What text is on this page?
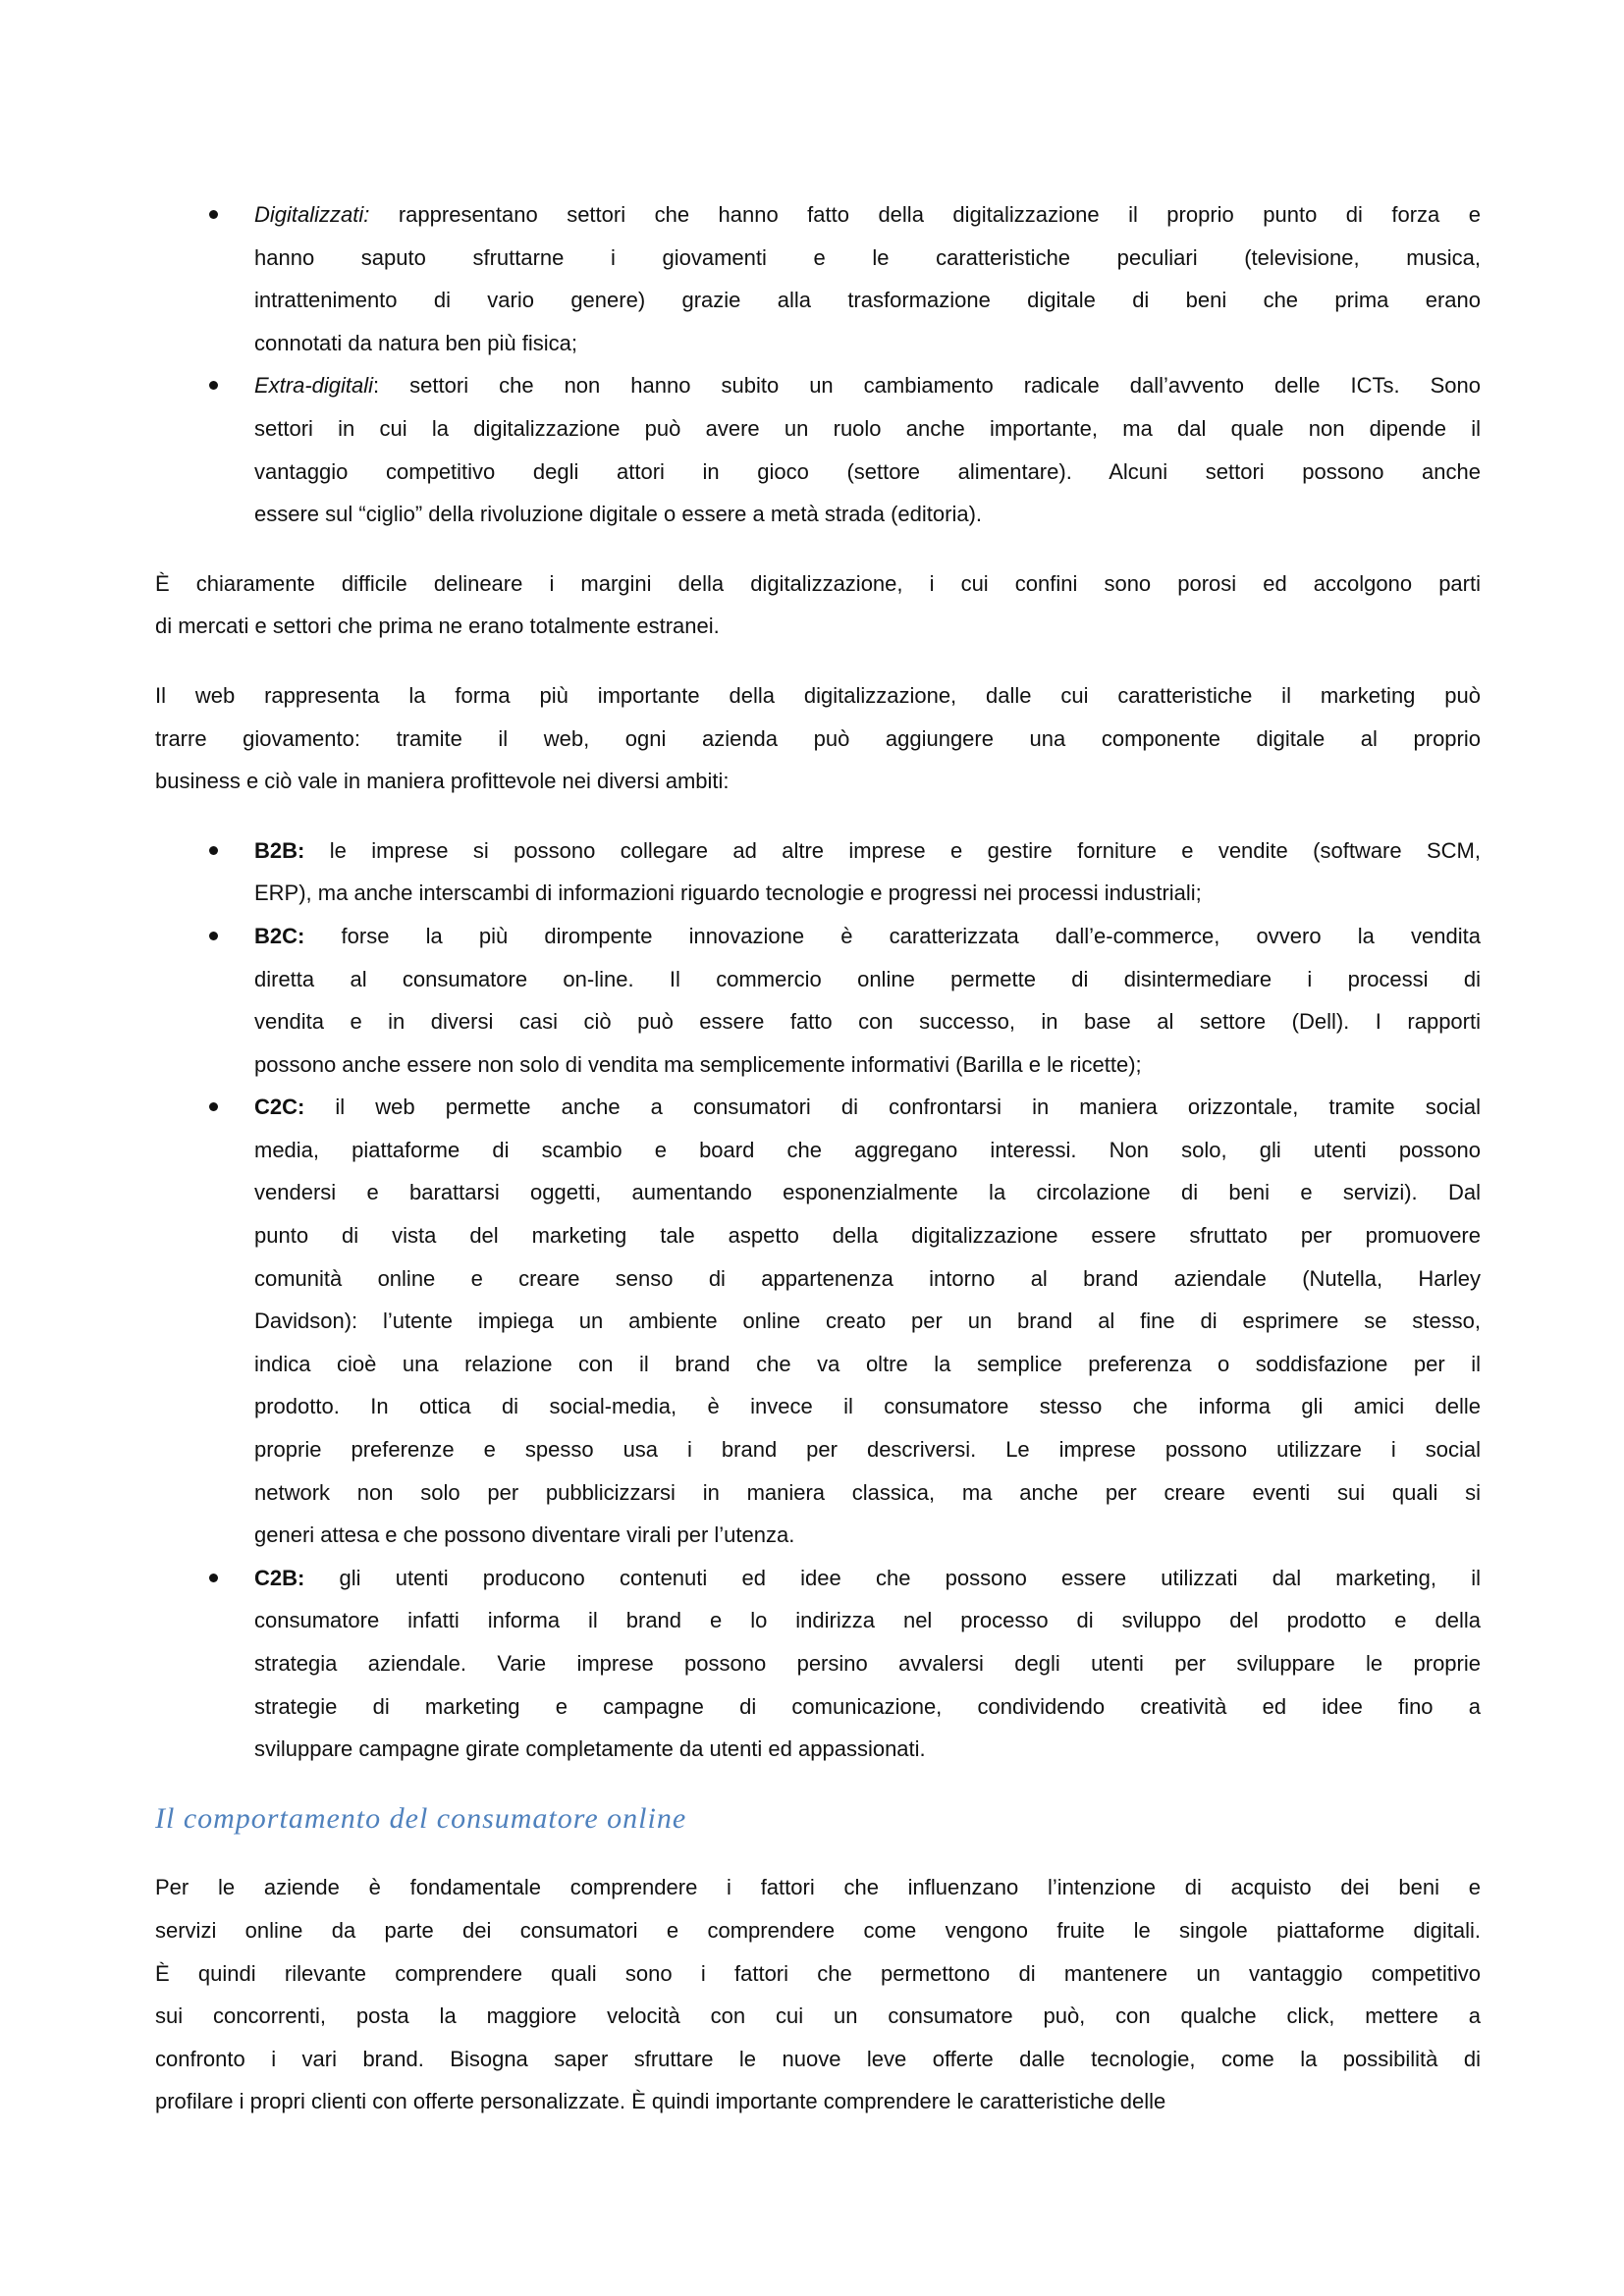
Digitalizzati: rappresentano settori che hanno fatto della digitalizzazione il proprio punto di forza e
hanno saputo sfruttarne i giovamenti e le caratteristiche peculiari (televisione, musica,
intrattenimento di vario genere) grazie alla trasformazione digitale di beni che prima erano
connotati da natura ben più fisica;
Extra-digitali: settori che non hanno subito un cambiamento radicale dall’avvento delle ICTs. Sono
settori in cui la digitalizzazione può avere un ruolo anche importante, ma dal quale non dipende il
vantaggio competitivo degli attori in gioco (settore alimentare). Alcuni settori possono anche
essere sul “ciglio” della rivoluzione digitale o essere a metà strada (editoria).
È chiaramente difficile delineare i margini della digitalizzazione, i cui confini sono porosi ed accolgono parti
di mercati e settori che prima ne erano totalmente estranei.
Il web rappresenta la forma più importante della digitalizzazione, dalle cui caratteristiche il marketing può
trarre giovamento: tramite il web, ogni azienda può aggiungere una componente digitale al proprio
business e ciò vale in maniera profittevole nei diversi ambiti:
B2B: le imprese si possono collegare ad altre imprese e gestire forniture e vendite (software SCM,
ERP), ma anche interscambi di informazioni riguardo tecnologie e progressi nei processi industriali;
B2C: forse la più dirompente innovazione è caratterizzata dall’e-commerce, ovvero la vendita
diretta al consumatore on-line. Il commercio online permette di disintermediare i processi di
vendita e in diversi casi ciò può essere fatto con successo, in base al settore (Dell). I rapporti
possono anche essere non solo di vendita ma semplicemente informativi (Barilla e le ricette);
C2C: il web permette anche a consumatori di confrontarsi in maniera orizzontale, tramite social
media, piattaforme di scambio e board che aggregano interessi. Non solo, gli utenti possono
vendersi e barattarsi oggetti, aumentando esponenzialmente la circolazione di beni e servizi). Dal
punto di vista del marketing tale aspetto della digitalizzazione essere sfruttato per promuovere
comunità online e creare senso di appartenenza intorno al brand aziendale (Nutella, Harley
Davidson): l’utente impiega un ambiente online creato per un brand al fine di esprimere se stesso,
indica cioè una relazione con il brand che va oltre la semplice preferenza o soddisfazione per il
prodotto. In ottica di social-media, è invece il consumatore stesso che informa gli amici delle
proprie preferenze e spesso usa i brand per descriversi. Le imprese possono utilizzare i social
network non solo per pubblicizzarsi in maniera classica, ma anche per creare eventi sui quali si
generi attesa e che possono diventare virali per l’utenza.
C2B: gli utenti producono contenuti ed idee che possono essere utilizzati dal marketing, il
consumatore infatti informa il brand e lo indirizza nel processo di sviluppo del prodotto e della
strategia aziendale. Varie imprese possono persino avvalersi degli utenti per sviluppare le proprie
strategie di marketing e campagne di comunicazione, condividendo creatività ed idee fino a
sviluppare campagne girate completamente da utenti ed appassionati.
Il comportamento del consumatore online
Per le aziende è fondamentale comprendere i fattori che influenzano l’intenzione di acquisto dei beni e
servizi online da parte dei consumatori e comprendere come vengono fruite le singole piattaforme digitali.
È quindi rilevante comprendere quali sono i fattori che permettono di mantenere un vantaggio competitivo
sui concorrenti, posta la maggiore velocità con cui un consumatore può, con qualche click, mettere a
confronto i vari brand. Bisogna saper sfruttare le nuove leve offerte dalle tecnologie, come la possibilità di
profilare i propri clienti con offerte personalizzate. È quindi importante comprendere le caratteristiche delle
